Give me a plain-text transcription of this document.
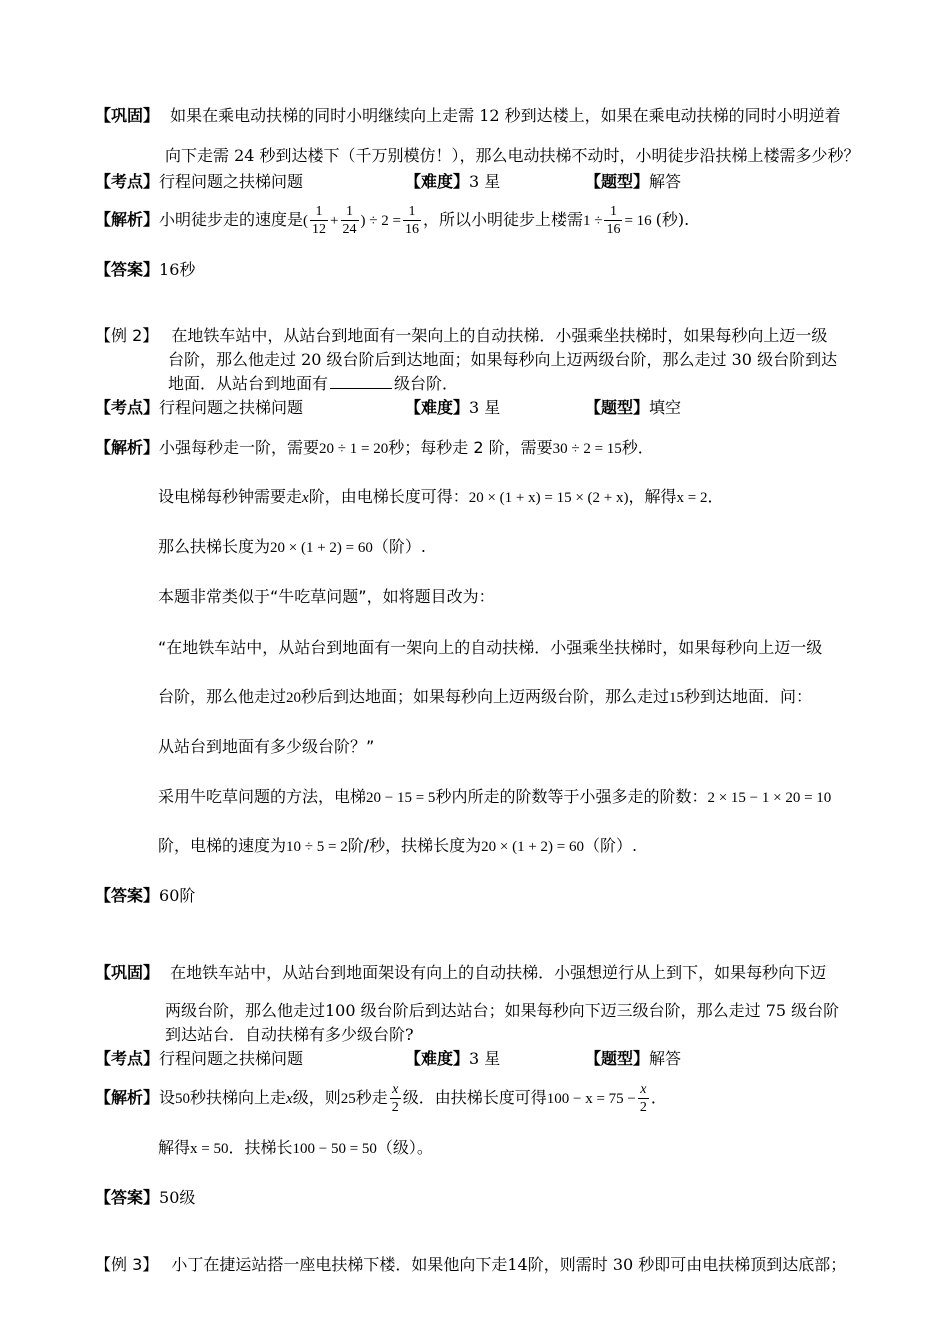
【巩固】 如果在乘电动扶梯的同时小明继续向上走需 12 秒到达楼上，如果在乘电动扶梯的同时小明逆着
向下走需 24 秒到达楼下（千万别模仿！），那么电动扶梯不动时，小明徒步沿扶梯上楼需多少秒？
【考点】行程问题之扶梯问题	【难度】3 星	【题型】解答
【解析】小明徒步走的速度是( $\frac{1}{12} + \frac{1}{24}$ ) ÷ $2 = \frac{1}{16}$ ，所以小明徒步上楼需$1 \div \frac{1}{16} = 16$ (秒).
【答案】16秒
【例 2】 在地铁车站中，从站台到地面有一架向上的自动扶梯．小强乘坐扶梯时，如果每秒向上迈一级
台阶，那么他走过 20 级台阶后到达地面；如果每秒向上迈两级台阶，那么走过 30 级台阶到达
地面．从站台到地面有	级台阶．
【考点】行程问题之扶梯问题	【难度】3 星	【题型】填空
【解析】小强每秒走一阶，需要20 ÷ 1 = 20秒；每秒走 2 阶，需要30 ÷ 2 = 15秒．
设电梯每秒钟需要走x阶，由电梯长度可得：20 × (1 + x) = 15 × (2 + x)，解得x = 2．
那么扶梯长度为20 × (1 + 2) = 60（阶）.
本题非常类似于“牛吃草问题”，如将题目改为：
“在地铁车站中，从站台到地面有一架向上的自动扶梯．小强乘坐扶梯时，如果每秒向上迈一级
台阶，那么他走过20秒后到达地面；如果每秒向上迈两级台阶，那么走过15秒到达地面．问：
从站台到地面有多少级台阶？”
采用牛吃草问题的方法，电梯20 − 15 = 5秒内所走的阶数等于小强多走的阶数：2 × 15 − 1 × 20 = 10
阶，电梯的速度为10 ÷ 5 = 2阶/秒，扶梯长度为20 × (1 + 2) = 60（阶）.
【答案】60阶
【巩固】 在地铁车站中，从站台到地面架设有向上的自动扶梯．小强想逆行从上到下，如果每秒向下迈
两级台阶，那么他走过100 级台阶后到达站台；如果每秒向下迈三级台阶，那么走过 75 级台阶
到达站台．自动扶梯有多少级台阶?
【考点】行程问题之扶梯问题	【难度】3 星	【题型】解答
【解析】设50秒扶梯向上走x级，则25秒走 $\frac{x}{2}$ 级．由扶梯长度可得$100 - x = 75 - \frac{x}{2}$ ．
解得x = 50．扶梯长100 − 50 = 50（级）。
【答案】50级
【例 3】 小丁在捷运站搭一座电扶梯下楼．如果他向下走14阶，则需时 30 秒即可由电扶梯顶到达底部；
